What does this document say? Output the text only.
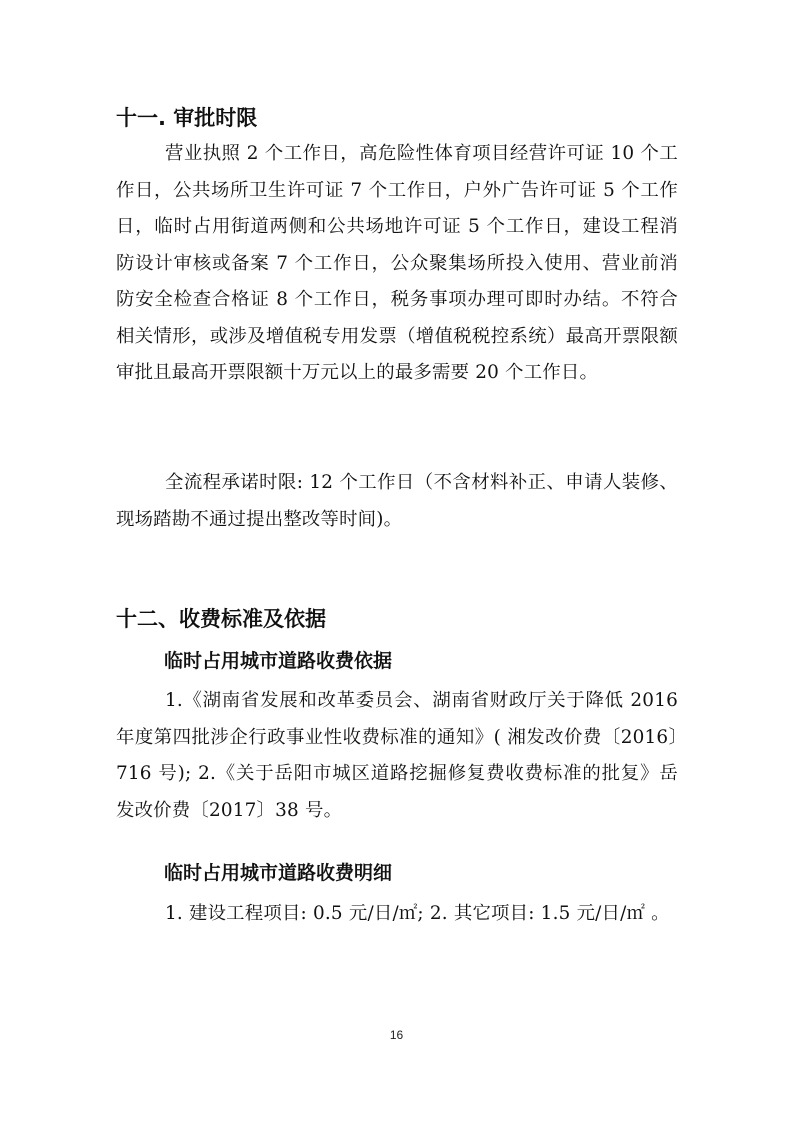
十一. 审批时限

营业执照 2 个工作日，高危险性体育项目经营许可证 10 个工作日，公共场所卫生许可证 7 个工作日，户外广告许可证 5 个工作日，临时占用街道两侧和公共场地许可证 5 个工作日，建设工程消防设计审核或备案 7 个工作日，公众聚集场所投入使用、营业前消防安全检查合格证 8 个工作日，税务事项办理可即时办结。不符合相关情形，或涉及增值税专用发票（增值税税控系统）最高开票限额审批且最高开票限额十万元以上的最多需要 20 个工作日。

全流程承诺时限: 12 个工作日（不含材料补正、申请人装修、现场踏勘不通过提出整改等时间)。

十二、收费标准及依据
临时占用城市道路收费依据

1.《湖南省发展和改革委员会、湖南省财政厅关于降低 2016 年度第四批涉企行政事业性收费标准的通知》( 湘发改价费〔2016〕716 号); 2.《关于岳阳市城区道路挖掘修复费收费标准的批复》岳发改价费〔2017〕38 号。

临时占用城市道路收费明细

1. 建设工程项目: 0.5 元/日/㎡; 2. 其它项目: 1.5 元/日/㎡ 。

16
